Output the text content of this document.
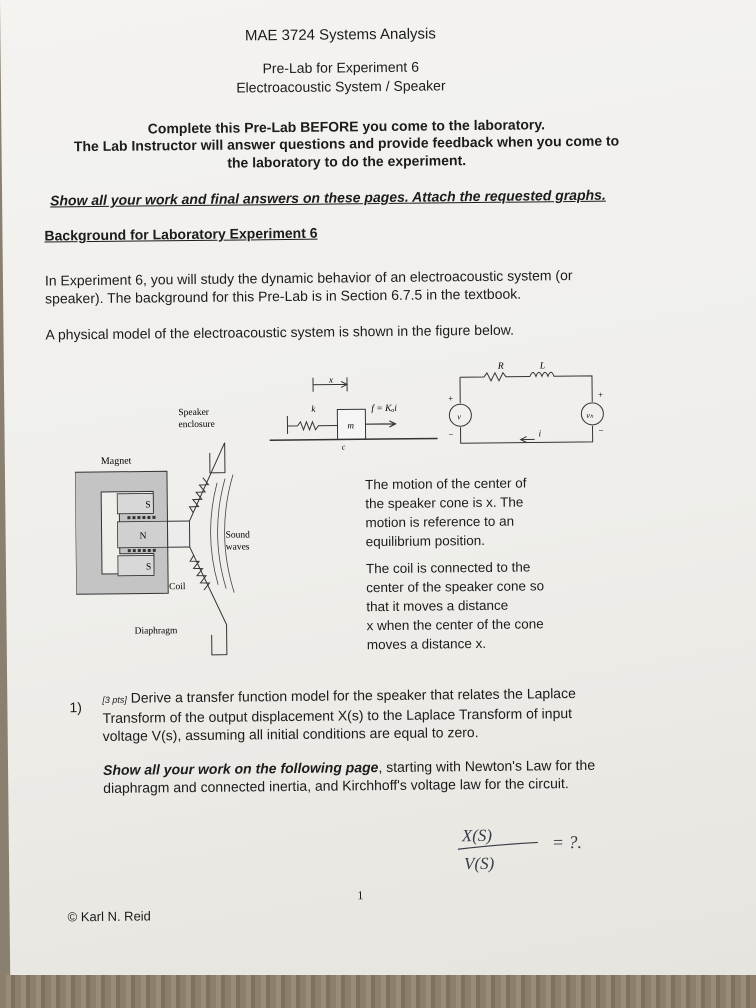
MAE 3724 Systems Analysis
Pre-Lab for Experiment 6
Electroacoustic System / Speaker
Complete this Pre-Lab BEFORE you come to the laboratory.
The Lab Instructor will answer questions and provide feedback when you come to
the laboratory to do the experiment.
Show all your work and final answers on these pages. Attach the requested graphs.
Background for Laboratory Experiment 6
In Experiment 6, you will study the dynamic behavior of an electroacoustic system (or
speaker). The background for this Pre-Lab is in Section 6.7.5 in the textbook.
A physical model of the electroacoustic system is shown in the figure below.
Speaker
enclosure
Magnet
S
N
S
Coil
Sound
waves
Diaphragm
x
k
m
c
f = Kₐi
R	L
v	vₕ
+
−
+
−
i
The motion of the center of
the speaker cone is x. The
motion is reference to an
equilibrium position.
The coil is connected to the
center of the speaker cone so
that it moves a distance
x when the center of the cone
moves a distance x.
1) [3 pts] Derive a transfer function model for the speaker that relates the Laplace
Transform of the output displacement X(s) to the Laplace Transform of input
voltage V(s), assuming all initial conditions are equal to zero.
Show all your work on the following page, starting with Newton's Law for the
diaphragm and connected inertia, and Kirchhoff's voltage law for the circuit.
X(S)
V(S)
= ?.
1
© Karl N. Reid
